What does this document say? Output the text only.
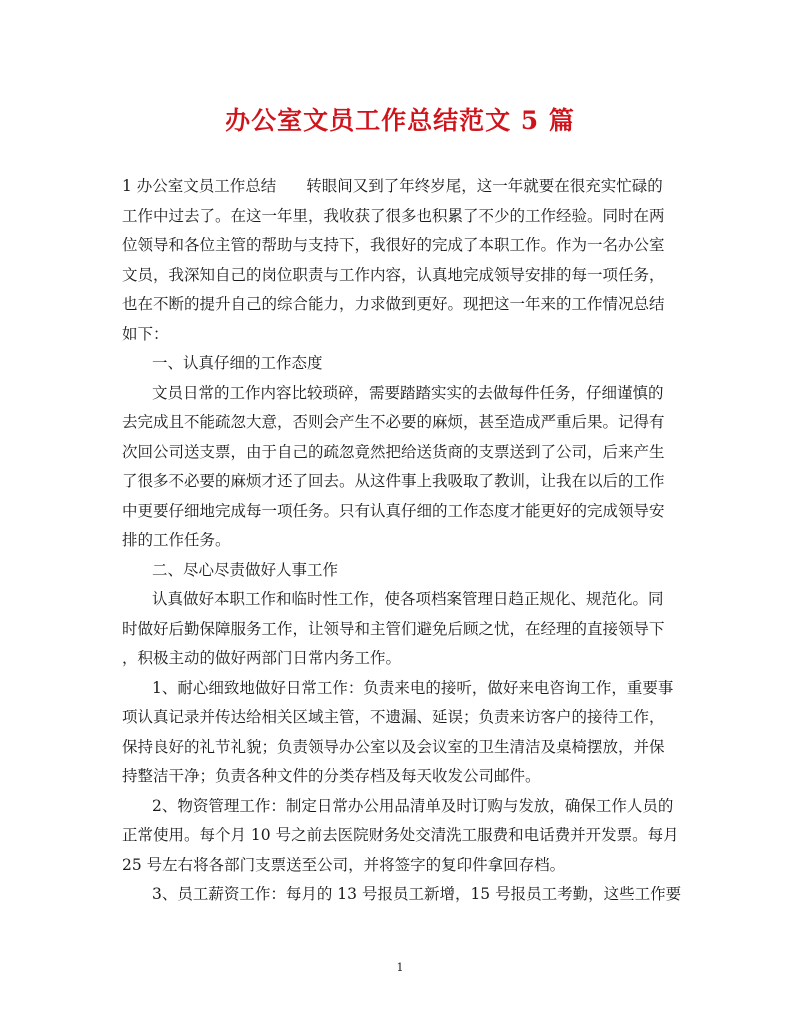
办公室文员工作总结范文 5 篇
1 办公室文员工作总结 转眼间又到了年终岁尾，这一年就要在很充实忙碌的
工作中过去了。在这一年里，我收获了很多也积累了不少的工作经验。同时在两
位领导和各位主管的帮助与支持下，我很好的完成了本职工作。作为一名办公室
文员，我深知自己的岗位职责与工作内容，认真地完成领导安排的每一项任务，
也在不断的提升自己的综合能力，力求做到更好。现把这一年来的工作情况总结
如下：
一、认真仔细的工作态度
文员日常的工作内容比较琐碎，需要踏踏实实的去做每件任务，仔细谨慎的
去完成且不能疏忽大意，否则会产生不必要的麻烦，甚至造成严重后果。记得有
次回公司送支票，由于自己的疏忽竟然把给送货商的支票送到了公司，后来产生
了很多不必要的麻烦才还了回去。从这件事上我吸取了教训，让我在以后的工作
中更要仔细地完成每一项任务。只有认真仔细的工作态度才能更好的完成领导安
排的工作任务。
二、尽心尽责做好人事工作
认真做好本职工作和临时性工作，使各项档案管理日趋正规化、规范化。同
时做好后勤保障服务工作，让领导和主管们避免后顾之忧，在经理的直接领导下
，积极主动的做好两部门日常内务工作。
1、耐心细致地做好日常工作：负责来电的接听，做好来电咨询工作，重要事
项认真记录并传达给相关区域主管，不遗漏、延误；负责来访客户的接待工作，
保持良好的礼节礼貌；负责领导办公室以及会议室的卫生清洁及桌椅摆放，并保
持整洁干净；负责各种文件的分类存档及每天收发公司邮件。
2、物资管理工作：制定日常办公用品清单及时订购与发放，确保工作人员的
正常使用。每个月 10 号之前去医院财务处交清洗工服费和电话费并开发票。每月
25 号左右将各部门支票送至公司，并将签字的复印件拿回存档。
3、员工薪资工作：每月的 13 号报员工新增，15 号报员工考勤，这些工作要
1
